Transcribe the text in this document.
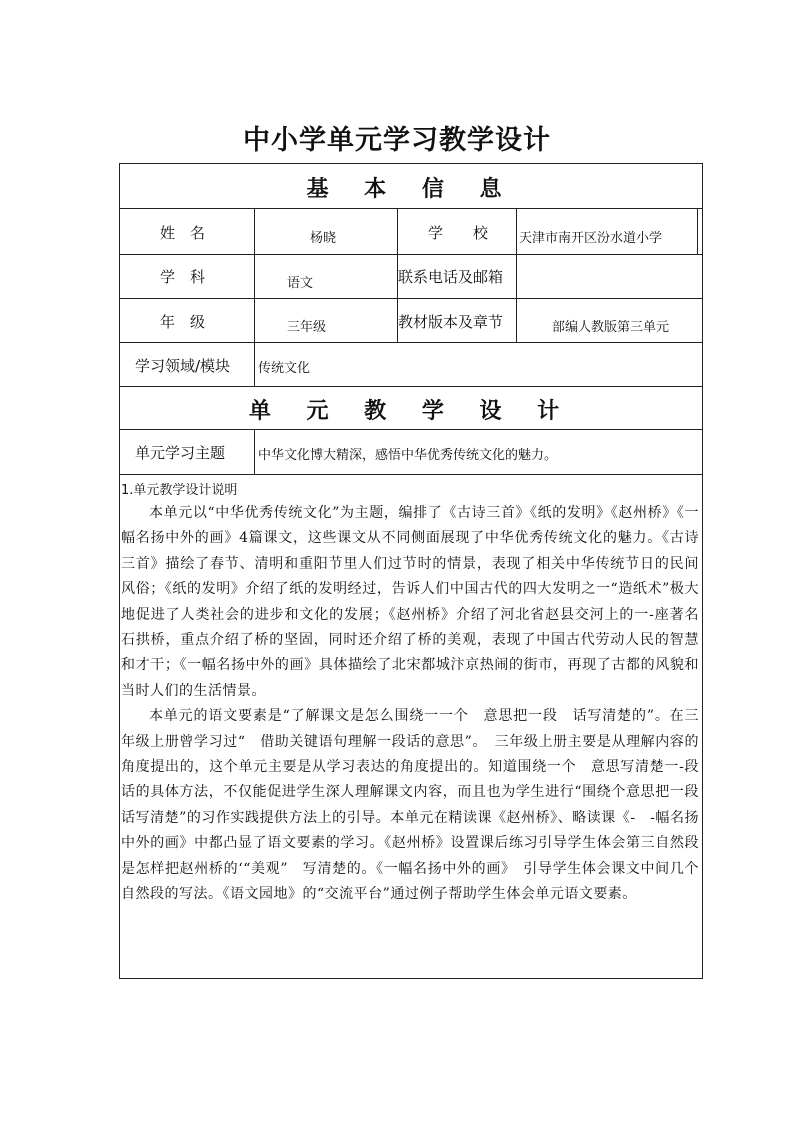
中小学单元学习教学设计
基 本 信 息
单 元 教 学 设 计
姓　名	杨晓	学　　校 天津市南开区汾水道小学
学　科	语文	联系电话及邮箱
年　级	三年级	教材版本及章节	部编人教版第三单元
学习领域/模块 传统文化
单元学习主题	中华文化博大精深，感悟中华优秀传统文化的魅力。
1.单元教学设计说明

本单元以“中华优秀传统文化”为主题，编排了《古诗三首》《纸的发明》《赵州桥》《一幅名扬中外的画》4篇课文，这些课文从不同侧面展现了中华优秀传统文化的魅力。《古诗三首》描绘了春节、清明和重阳节里人们过节时的情景，表现了相关中华传统节日的民间风俗；《纸的发明》介绍了纸的发明经过，告诉人们中国古代的四大发明之一“造纸术”极大地促进了人类社会的进步和文化的发展；《赵州桥》介绍了河北省赵县交河上的一-座著名石拱桥，重点介绍了桥的坚固，同时还介绍了桥的美观，表现了中国古代劳动人民的智慧和才干；《一幅名扬中外的画》具体描绘了北宋都城汴京热闹的街市，再现了古都的风貌和当时人们的生活情景。

本单元的语文要素是“了解课文是怎么围绕一一个　意思把一段　话写清楚的”。在三年级上册曾学习过“　借助关键语句理解一段话的意思”。　三年级上册主要是从理解内容的角度提出的，这个单元主要是从学习表达的角度提出的。知道围绕一个　意思写清楚一-段话的具体方法，不仅能促进学生深人理解课文内容，而且也为学生进行“围绕个意思把一段话写清楚”的习作实践提供方法上的引导。本单元在精读课《赵州桥》、略读课《-　-幅名扬中外的画》中都凸显了语文要素的学习。《赵州桥》设置课后练习引导学生体会第三自然段是怎样把赵州桥的‘“美观”　写清楚的。《一幅名扬中外的画》　引导学生体会课文中间几个自然段的写法。《语文园地》的“交流平台”通过例子帮助学生体会单元语文要素。
